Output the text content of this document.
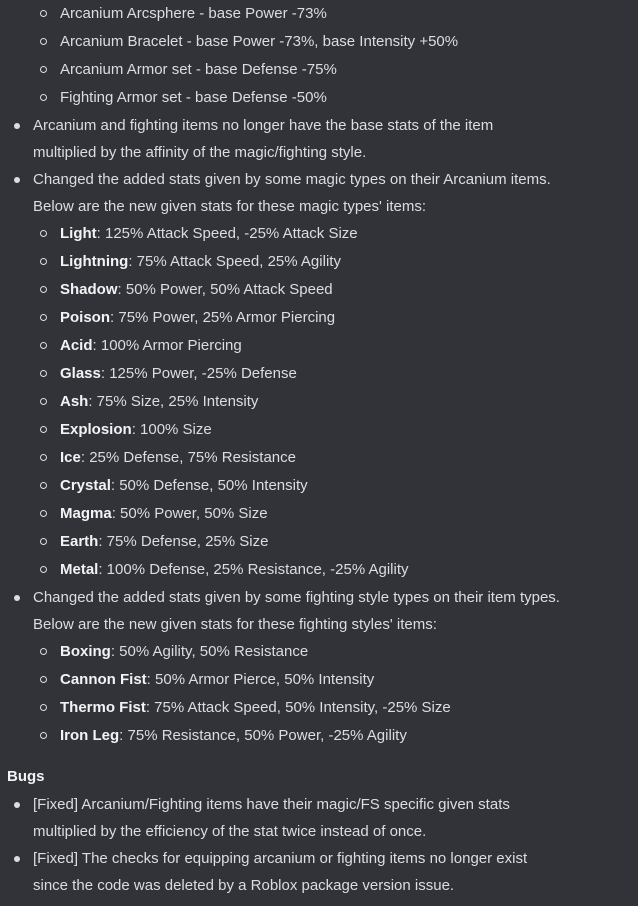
Arcanium Arcsphere - base Power -73%
Arcanium Bracelet - base Power -73%, base Intensity +50%
Arcanium Armor set - base Defense -75%
Fighting Armor set - base Defense -50%
Arcanium and fighting items no longer have the base stats of the item
multiplied by the affinity of the magic/fighting style.
Changed the added stats given by some magic types on their Arcanium items.
Below are the new given stats for these magic types' items:
Light: 125% Attack Speed, -25% Attack Size
Lightning: 75% Attack Speed, 25% Agility
Shadow: 50% Power, 50% Attack Speed
Poison: 75% Power, 25% Armor Piercing
Acid: 100% Armor Piercing
Glass: 125% Power, -25% Defense
Ash: 75% Size, 25% Intensity
Explosion: 100% Size
Ice: 25% Defense, 75% Resistance
Crystal: 50% Defense, 50% Intensity
Magma: 50% Power, 50% Size
Earth: 75% Defense, 25% Size
Metal: 100% Defense, 25% Resistance, -25% Agility
Changed the added stats given by some fighting style types on their item types.
Below are the new given stats for these fighting styles' items:
Boxing: 50% Agility, 50% Resistance
Cannon Fist: 50% Armor Pierce, 50% Intensity
Thermo Fist: 75% Attack Speed, 50% Intensity, -25% Size
Iron Leg: 75% Resistance, 50% Power, -25% Agility
Bugs
[Fixed] Arcanium/Fighting items have their magic/FS specific given stats
multiplied by the efficiency of the stat twice instead of once.
[Fixed] The checks for equipping arcanium or fighting items no longer exist
since the code was deleted by a Roblox package version issue.
